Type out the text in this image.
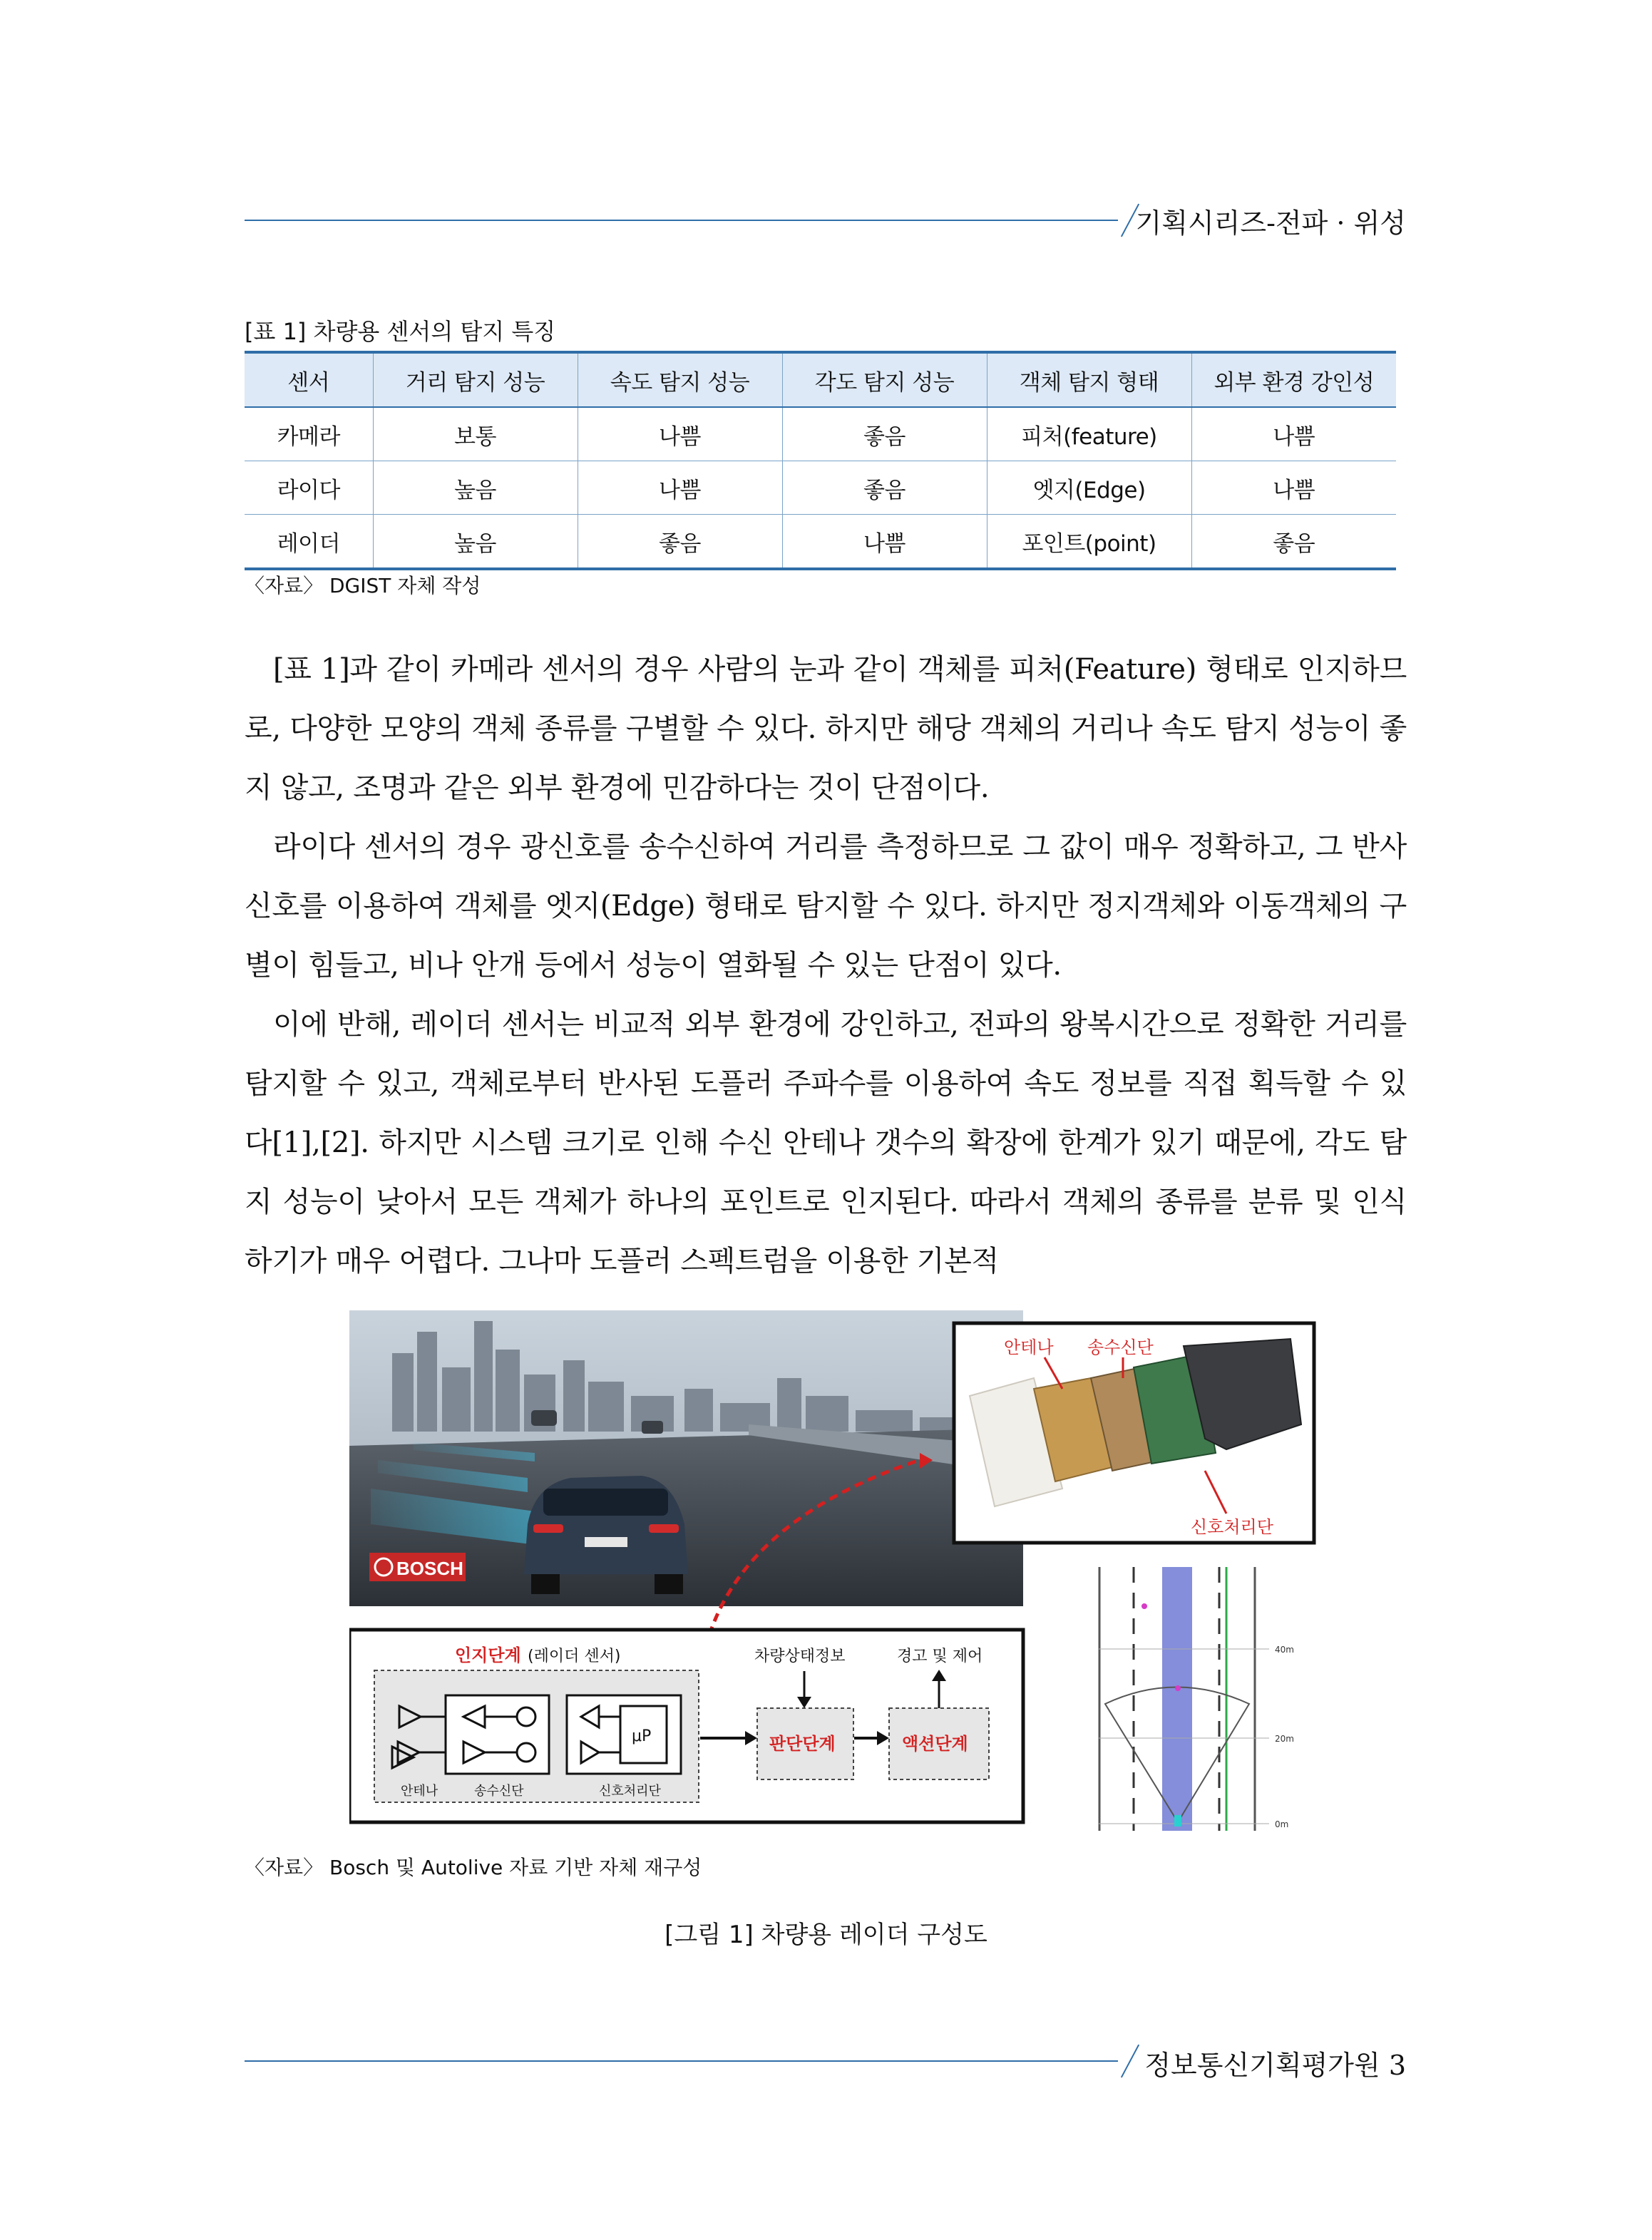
기획시리즈-전파 · 위성
[표 1] 차량용 센서의 탐지 특징
센서	거리 탐지 성능	속도 탐지 성능	각도 탐지 성능	객체 탐지 형태	외부 환경 강인성
카메라	보통	나쁨	좋음	피처(feature)	나쁨
라이다	높음	나쁨	좋음	엣지(Edge)	나쁨
레이더	높음	좋음	나쁨	포인트(point)	좋음
〈자료〉 DGIST 자체 작성

[표 1]과 같이 카메라 센서의 경우 사람의 눈과 같이 객체를 피처(Feature) 형태로 인지하므로, 다양한 모양의 객체 종류를 구별할 수 있다. 하지만 해당 객체의 거리나 속도 탐지 성능이 좋지 않고, 조명과 같은 외부 환경에 민감하다는 것이 단점이다.

라이다 센서의 경우 광신호를 송수신하여 거리를 측정하므로 그 값이 매우 정확하고, 그 반사 신호를 이용하여 객체를 엣지(Edge) 형태로 탐지할 수 있다. 하지만 정지객체와 이동객체의 구별이 힘들고, 비나 안개 등에서 성능이 열화될 수 있는 단점이 있다.

이에 반해, 레이더 센서는 비교적 외부 환경에 강인하고, 전파의 왕복시간으로 정확한 거리를 탐지할 수 있고, 객체로부터 반사된 도플러 주파수를 이용하여 속도 정보를 직접 획득할 수 있다[1],[2]. 하지만 시스템 크기로 인해 수신 안테나 갯수의 확장에 한계가 있기 때문에, 각도 탐지 성능이 낮아서 모든 객체가 하나의 포인트로 인지된다. 따라서 객체의 종류를 분류 및 인식하기가 매우 어렵다. 그나마 도플러 스펙트럼을 이용한 기본적

BOSCH
안테나 송수신단
신호처리단
인지단계 (레이더 센서)
μP
안테나	송수신단	신호처리단
판단단계	액션단계
차량상태정보	경고 및 제어	40m
20m
0m
〈자료〉 Bosch 및 Autolive 자료 기반 자체 재구성
[그림 1] 차량용 레이더 구성도
정보통신기획평가원 3
